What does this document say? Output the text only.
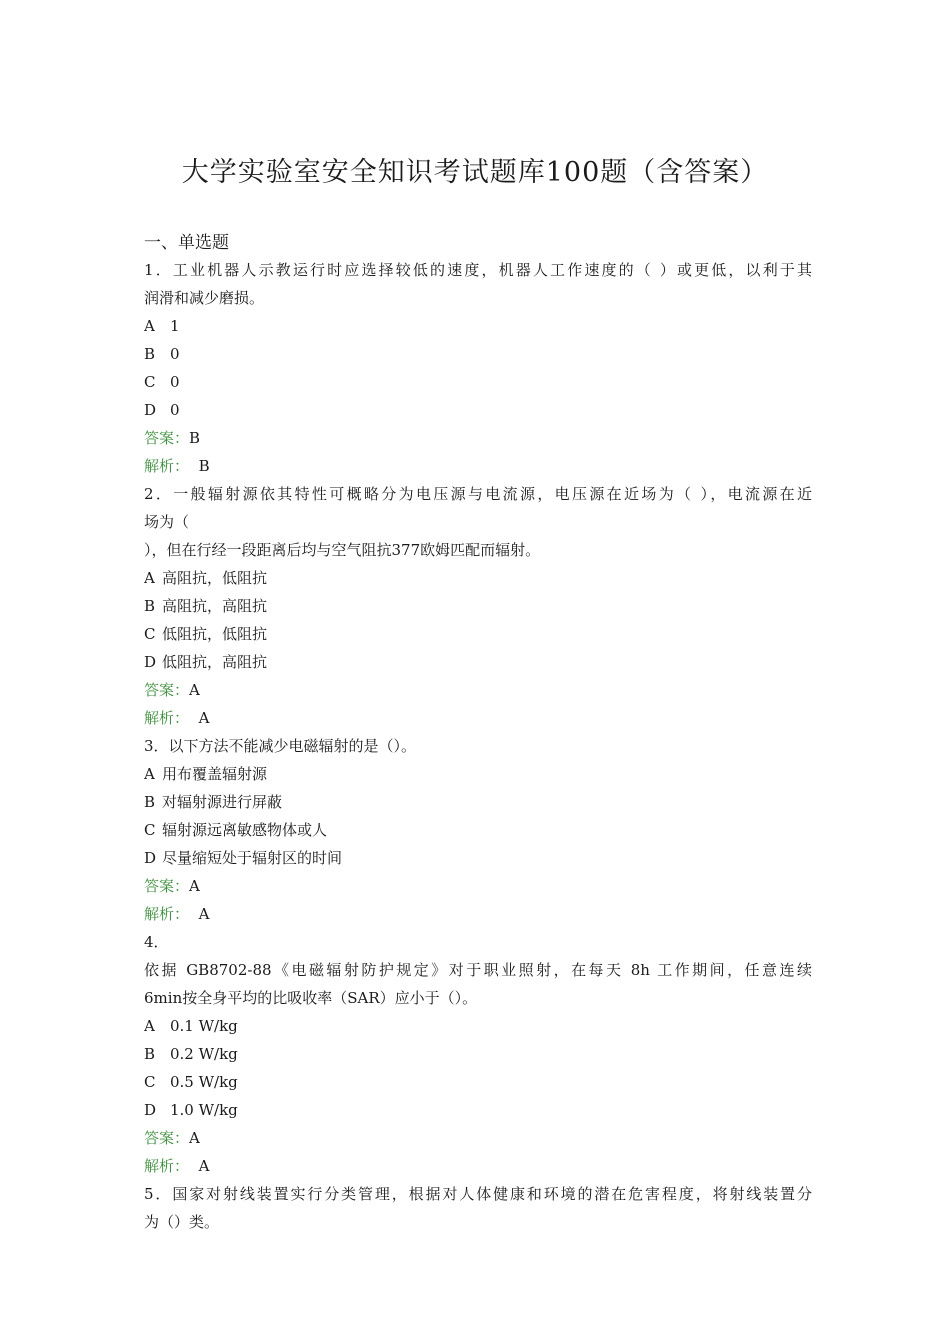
大学实验室安全知识考试题库100题（含答案）
一、单选题
1．工业机器人示教运行时应选择较低的速度，机器人工作速度的（ ）或更低，以利于其
润滑和减少磨损。
A 1
B 0
C 0
D 0
答案：B
解析： B
2．一般辐射源依其特性可概略分为电压源与电流源，电压源在近场为（ ），电流源在近
场为（
），但在行经一段距离后均与空气阻抗377欧姆匹配而辐射。
A 高阻抗，低阻抗
B 高阻抗，高阻抗
C 低阻抗，低阻抗
D 低阻抗，高阻抗
答案：A
解析： A
3．以下方法不能减少电磁辐射的是（）。
A 用布覆盖辐射源
B 对辐射源进行屏蔽
C 辐射源远离敏感物体或人
D 尽量缩短处于辐射区的时间
答案：A
解析： A
4．
依据 GB8702-88《电磁辐射防护规定》对于职业照射，在每天 8h 工作期间，任意连续
6min按全身平均的比吸收率（SAR）应小于（）。
A 0.1 W/kg
B 0.2 W/kg
C 0.5 W/kg
D 1.0 W/kg
答案：A
解析： A
5．国家对射线装置实行分类管理，根据对人体健康和环境的潜在危害程度，将射线装置分
为（）类。
